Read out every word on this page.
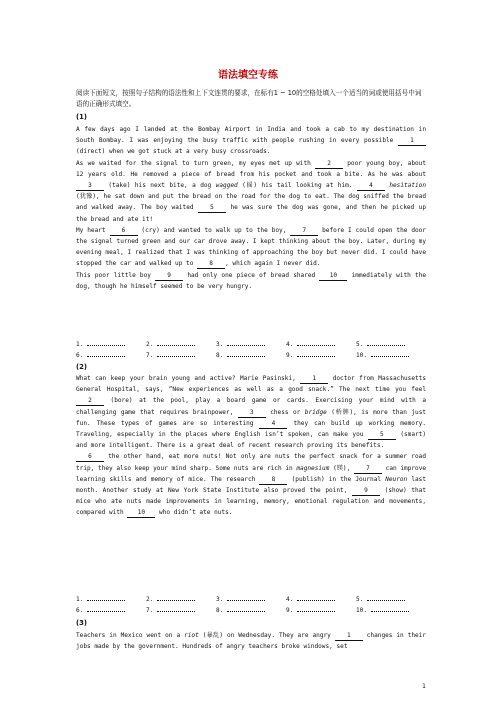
语法填空专练
阅读下面短文，按照句子结构的语法性和上下文连贯的要求，在标有1 ~ 10的空格处填入一个适当的词或使用括号中词语的正确形式填空。
(1)
A few days ago I landed at the Bombay Airport in India and took a cab to my destination in South Bombay. I was enjoying the busy traffic with people rushing in every possible	1 (direct) when we got stuck at a very busy crossroads.
As we waited for the signal to turn green, my eyes met up with	2	poor young boy, about 12 years old. He removed a piece of bread from his pocket and took a bite. As he was about 3	(take) his next bite, a dog wagged (摇) his tail looking at him.	4	hesitation (犹豫), he sat down and put the bread on the road for the dog to eat. The dog sniffed the bread and walked away. The boy waited	5	he was sure the dog was gone, and then he picked up the bread and ate it!
My heart	6	(cry) and wanted to walk up to the boy,	7	before I could open the door the signal turned green and our car drove away. I kept thinking about the boy. Later, during my evening meal, I realized that I was thinking of approaching the boy but never did. I could have stopped the car and walked up to	8 , which again I never did.
This poor little boy	9	had only one piece of bread shared 10 immediately with the dog, though he himself seemed to be very hungry.
1.	2.	3.	4.	5.
6.	7.	8.	9.	10.
(2)
What can keep your brain young and active? Marie Pasinski,	1	doctor from Massachusetts General Hospital, says, “New experiences as well as a good snack.” The next time you feel 2	(bore) at the pool, play a board game or cards. Exercising your mind with a challenging game that requires brainpower,	3	chess or bridge (桥牌), is more than just fun. These types of games are so interesting	4	they can build up working memory. Traveling, especially in the places where English isn’t spoken, can make you	5	(smart) and more intelligent. There is a great deal of recent research proving its benefits.
6	the other hand, eat more nuts! Not only are nuts the perfect snack for a summer road trip, they also keep your mind sharp. Some nuts are rich in magnesium (镁),	7	can improve learning skills and memory of mice. The research	8	(publish) in the Journal Neuron last month. Another study at New York State Institute also proved the point,	9	(show) that mice who ate nuts made improvements in learning, memory, emotional regulation and movements, compared with 10 who didn’t ate nuts.
1.	2.	3.	4.	5.
6.	7.	8.	9.	10.
(3)
Teachers in Mexico went on a riot (暴乱) on Wednesday. They are angry	1	changes in their jobs made by the government. Hundreds of angry teachers broke windows, set
1
